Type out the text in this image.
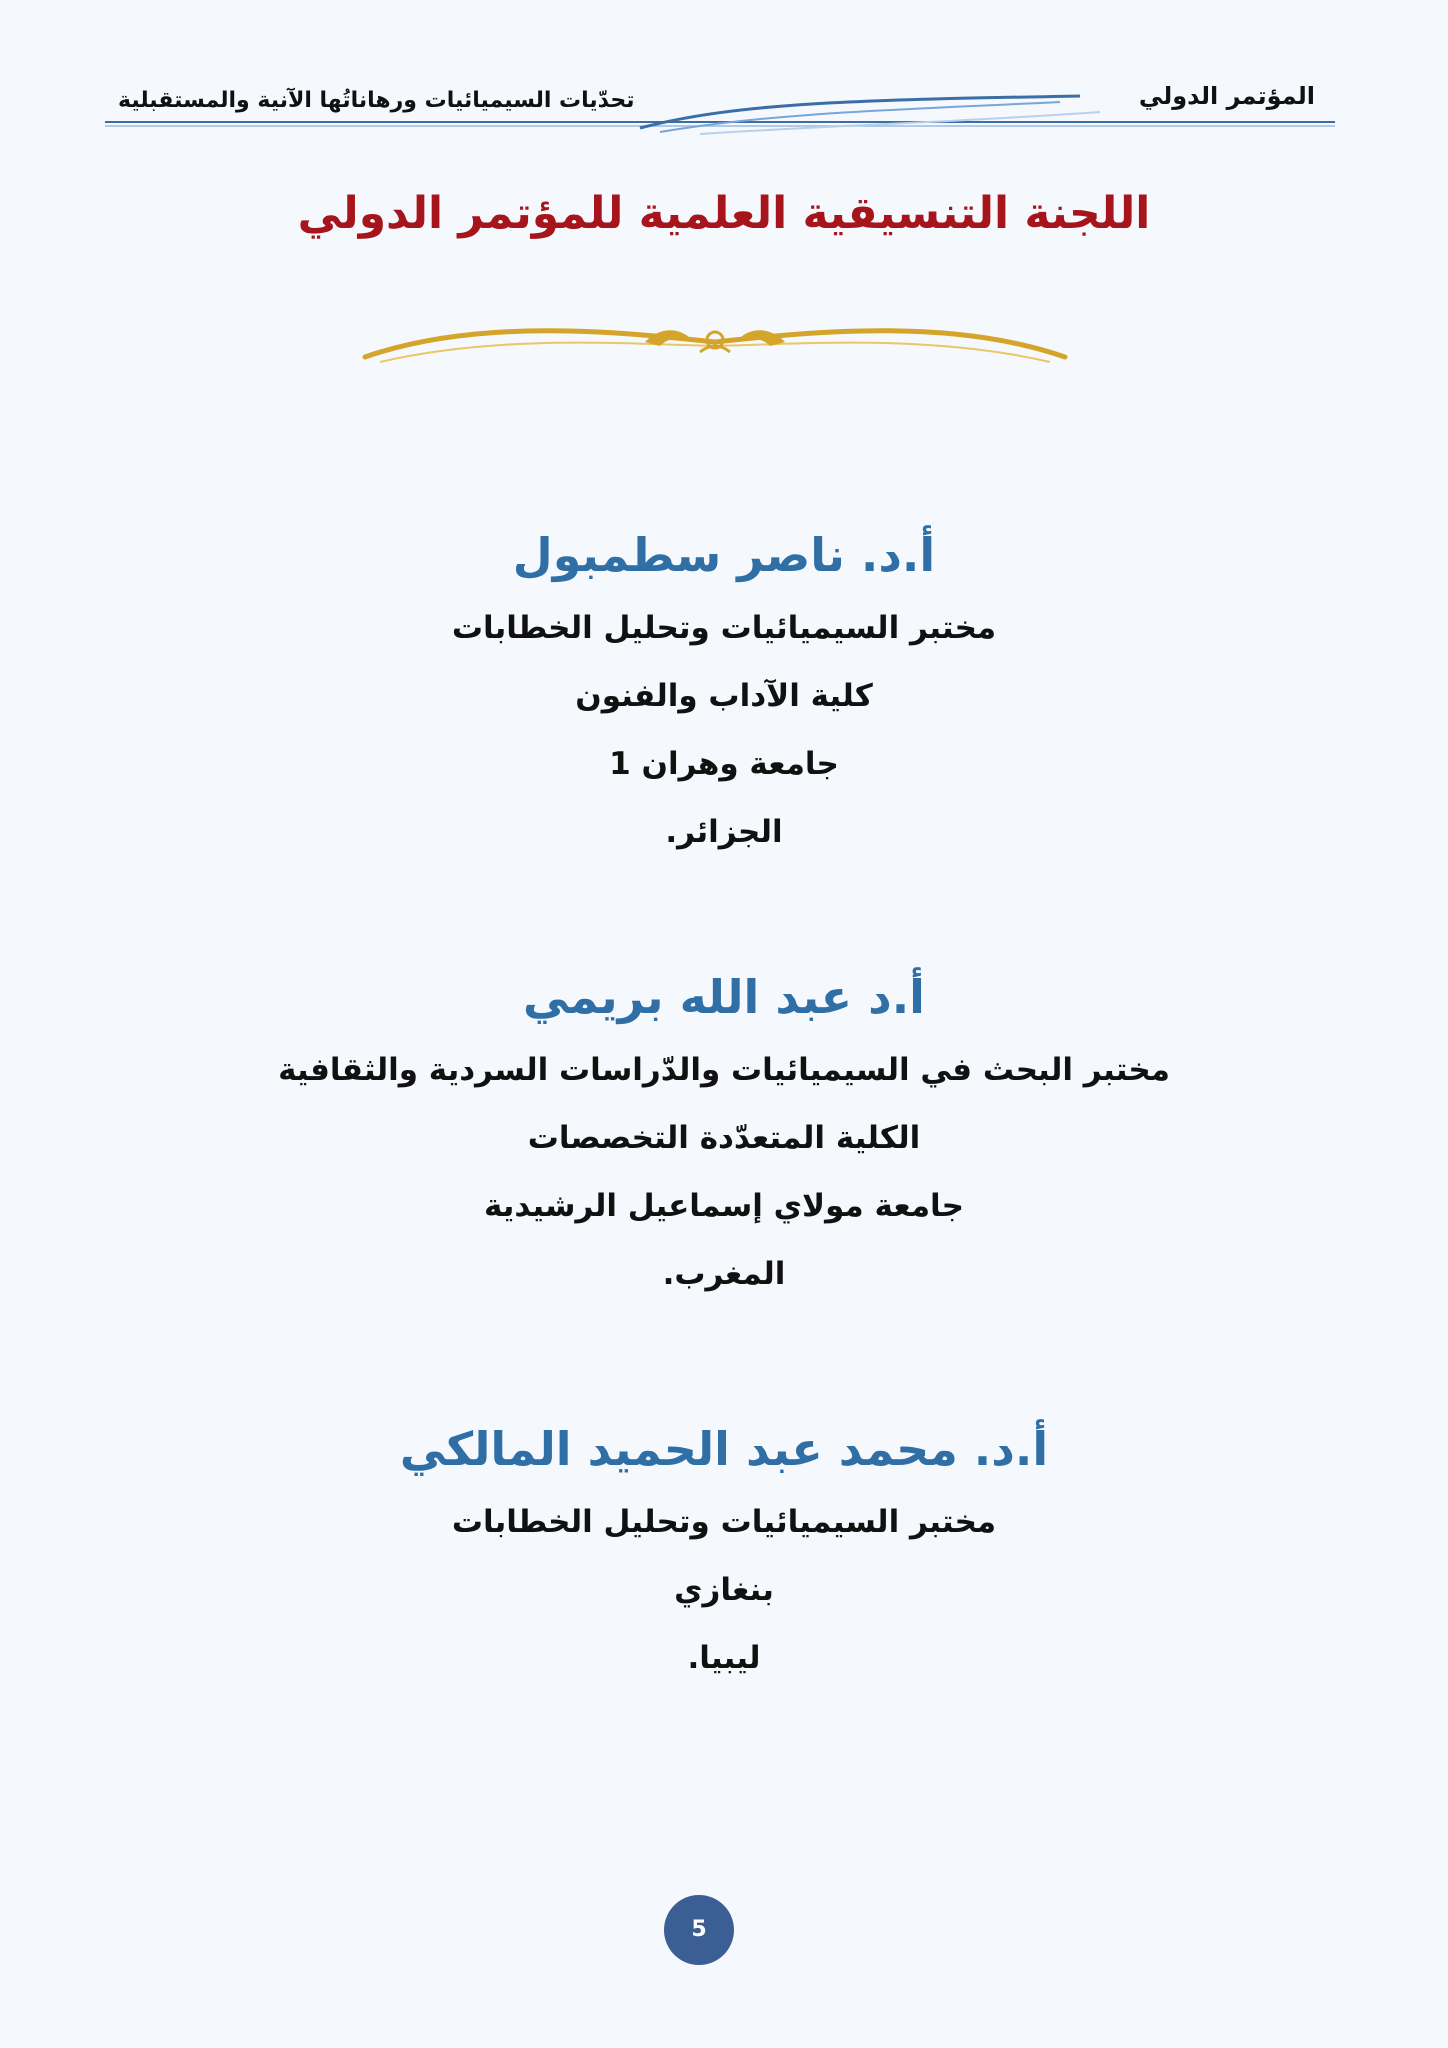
المؤتمر الدولي
تحدّيات السيميائيات ورهاناتُها الآنية والمستقبلية
اللجنة التنسيقية العلمية للمؤتمر الدولي
أ.د. ناصر سطمبول
مختبر السيميائيات وتحليل الخطابات
كلية الآداب والفنون
جامعة وهران 1
الجزائر.
أ.د عبد الله بريمي
مختبر البحث في السيميائيات والدّراسات السردية والثقافية
الكلية المتعدّدة التخصصات
جامعة مولاي إسماعيل الرشيدية
المغرب.
أ.د. محمد عبد الحميد المالكي
مختبر السيميائيات وتحليل الخطابات
بنغازي
ليبيا.
5
